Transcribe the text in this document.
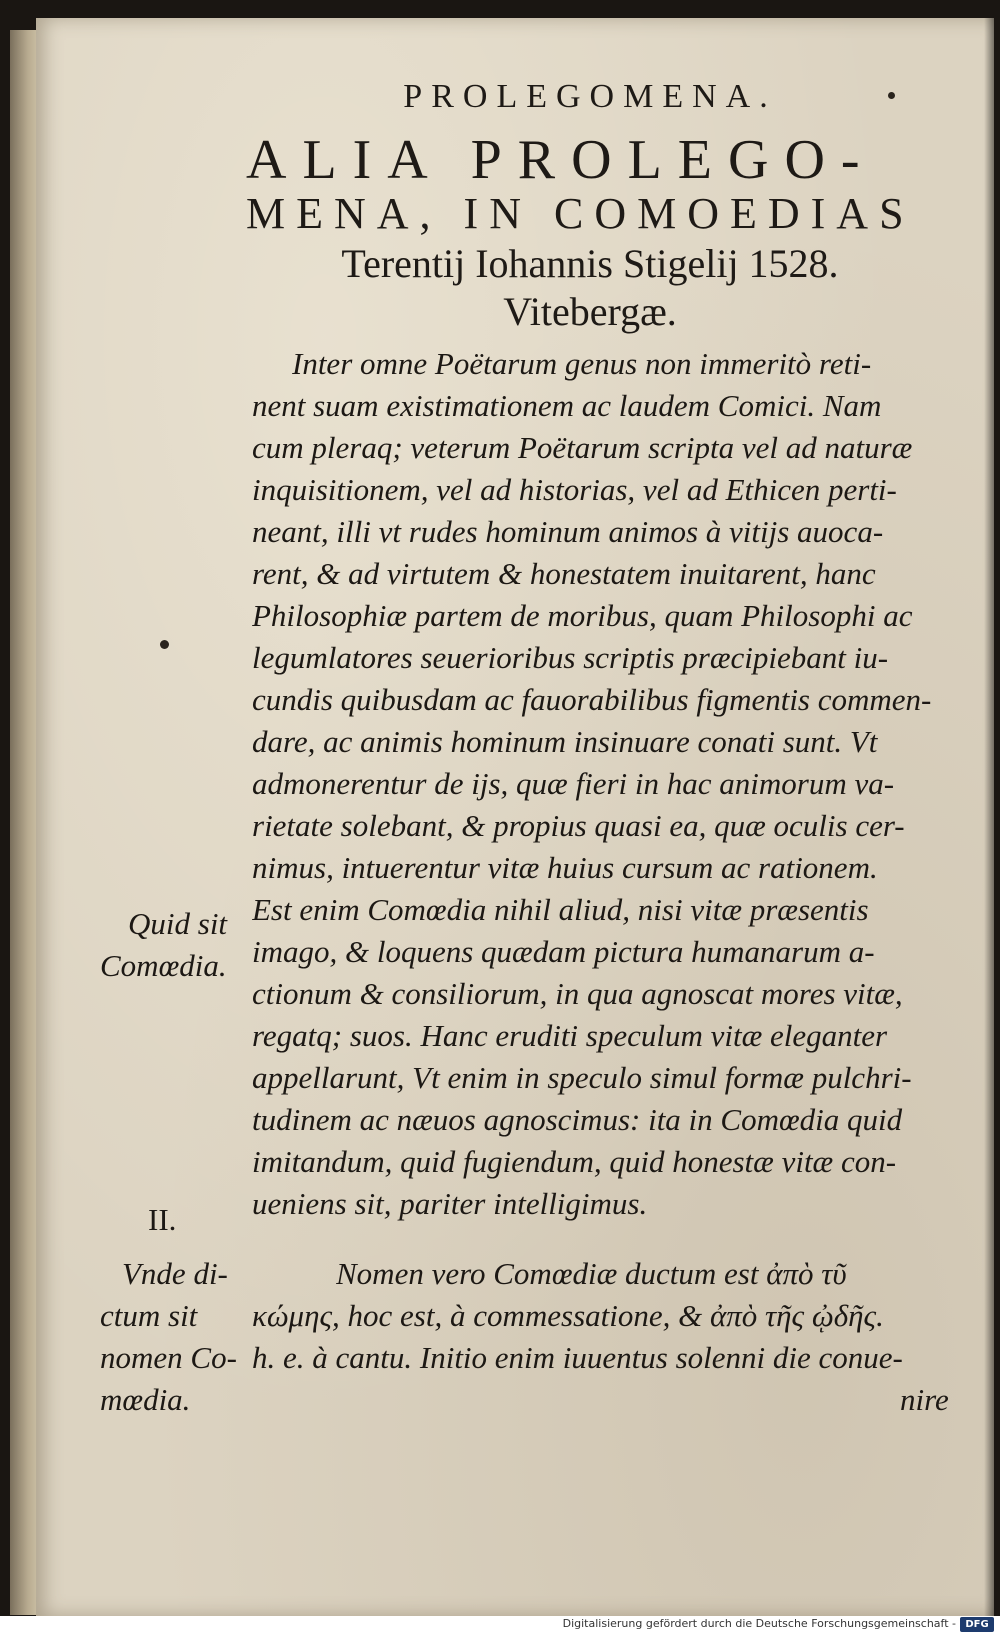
PROLEGOMENA.
ALIA PROLEGO-
MENA, IN COMOEDIAS
Terentij Iohannis Stigelij 1528.
Vitebergæ.

Inter omne Poëtarum genus non immeritò reti-

nent suam existimationem ac laudem Comici. Nam

cum pleraq; veterum Poëtarum scripta vel ad naturæ

inquisitionem, vel ad historias, vel ad Ethicen perti-

neant, illi vt rudes hominum animos à vitijs auoca-

rent, & ad virtutem & honestatem inuitarent, hanc

Philosophiæ partem de moribus, quam Philosophi ac

legumlatores seuerioribus scriptis præcipiebant iu-

cundis quibusdam ac fauorabilibus figmentis commen-

dare, ac animis hominum insinuare conati sunt. Vt

admonerentur de ijs, quæ fieri in hac animorum va-

rietate solebant, & propius quasi ea, quæ oculis cer-

nimus, intuerentur vitæ huius cursum ac rationem.

Est enim Comœdia nihil aliud, nisi vitæ præsentis

imago, & loquens quædam pictura humanarum a-

ctionum & consiliorum, in qua agnoscat mores vitæ,

regatq; suos. Hanc eruditi speculum vitæ eleganter

appellarunt, Vt enim in speculo simul formæ pulchri-

tudinem ac næuos agnoscimus: ita in Comœdia quid

imitandum, quid fugiendum, quid honestæ vitæ con-

ueniens sit, pariter intelligimus.

Nomen vero Comœdiæ ductum est ἀπὸ τῦ

κώμης, hoc est, à commessatione, & ἀπὸ τῆς ᾠδῆς.

h. e. à cantu. Initio enim iuuentus solenni die conue-

nire

Quid sit

Comœdia.

II.

Vnde di-

ctum sit

nomen Co-

mœdia.

Digitalisierung gefördert durch die Deutsche Forschungsgemeinschaft - DFG
